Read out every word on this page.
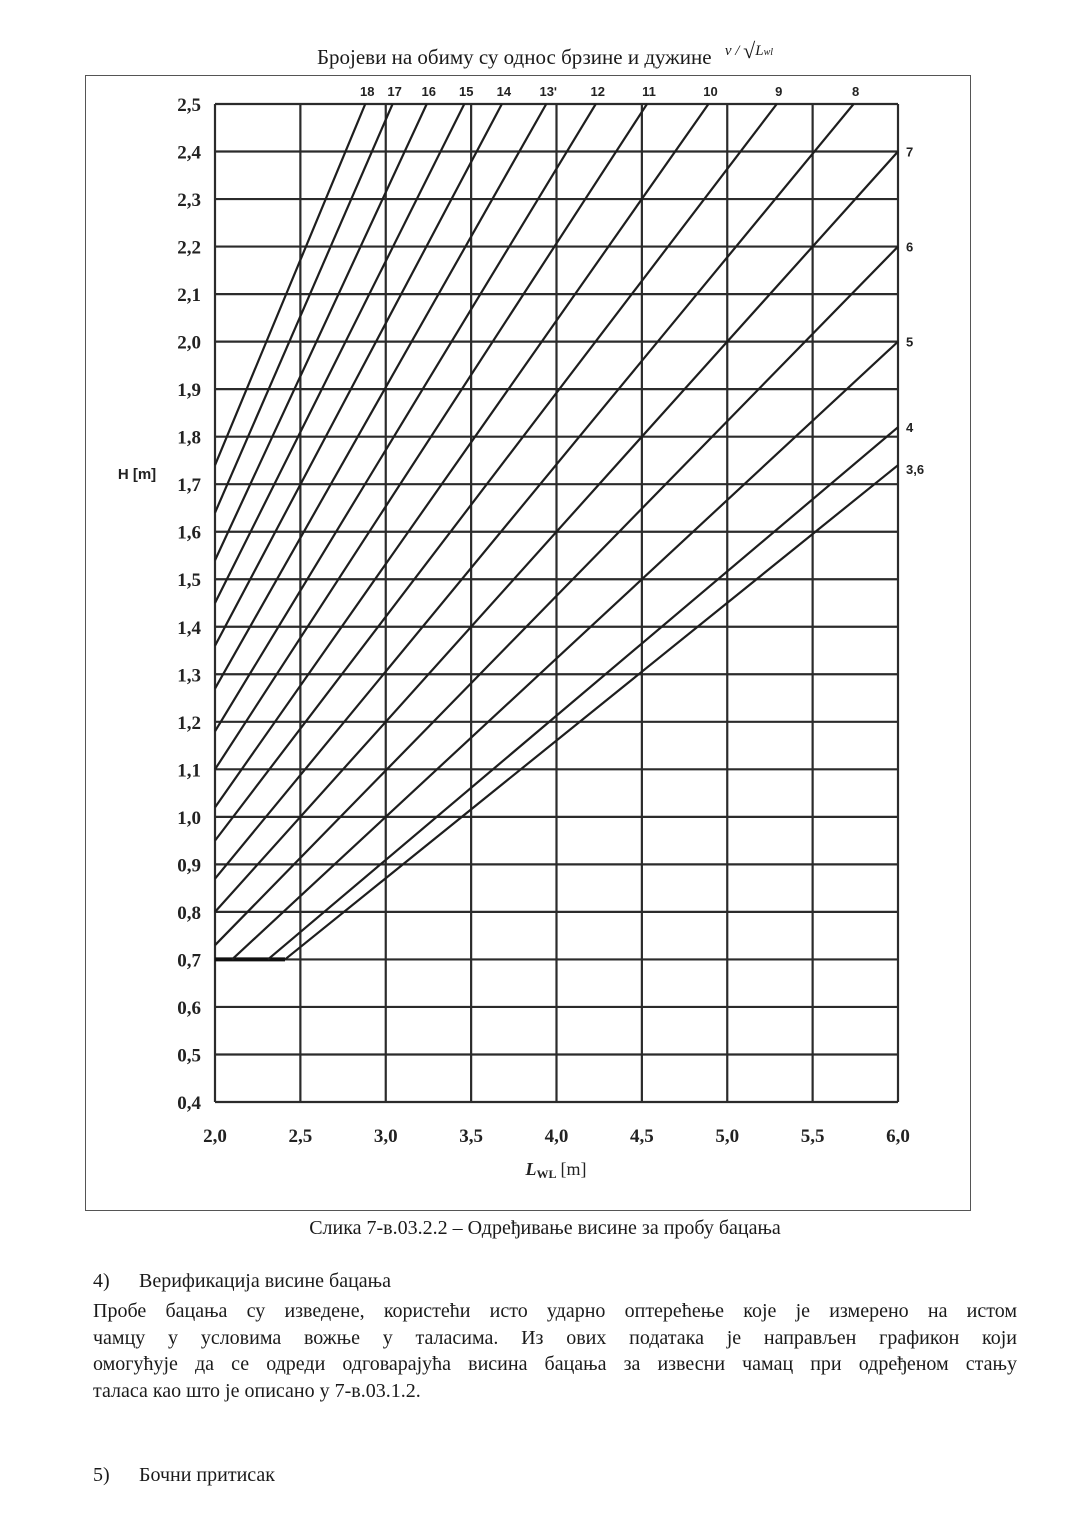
Бројеви на обиму су однос брзине и дужине $^{v / √Lwl}$
2,5
2,4
2,3
2,2
2,1
2,0
1,9
1,8
1,7
1,6
1,5
1,4
1,3
1,2
1,1
1,0
0,9
0,8
0,7
0,6
0,5
0,4
2,0	2,5	3,0	3,5	4,0	4,5	5,0	5,5	6,0
18 17 16 15 14 13ʹ	12	11	10	9	8
7
6
5
4
3,6
H [m]
LWL [m]
Слика 7-в.03.2.2 – Одређивање висине за пробу бацања
4) Верификација висине бацања
Пробе бацања су изведене, користећи исто ударно оптерећење које је измерено на истом
чамцу у условима вожње у таласима. Из ових података је направљен графикон који
омогућује да се одреди одговарајућа висина бацања за извесни чамац при одређеном стању
таласа као што је описано у 7-в.03.1.2.
5) Бочни притисак
